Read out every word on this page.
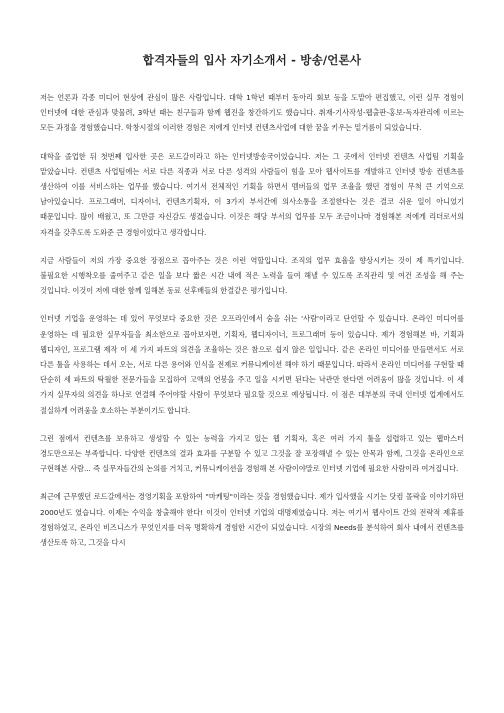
합격자들의 입사 자기소개서 - 방송/언론사

저는 언론과 각종 미디어 현상에 관심이 많은 사람입니다. 대학 1학년 때부터 동아리 회보 등을 도맡아 편집했고, 이런 실무 경험이 인터넷에 대한 관심과 맞물려, 3학년 때는 친구들과 함께 웹진을 창간하기도 했습니다. 취재-기사작성-웹출판-홍보-독자관리에 이르는 모든 과정을 경험했습니다. 학창시절의 이러한 경험은 저에게 인터넷 컨텐츠사업에 대한 꿈을 키우는 밑거름이 되었습니다.

대학을 졸업한 뒤 첫번째 입사한 곳은 로드갈이라고 하는 인터넷방송국이었습니다. 저는 그 곳에서 인터넷 컨텐츠 사업팀 기획을 맡았습니다. 컨텐츠 사업팀에는 서로 다른 직종과 서로 다른 성격의 사람들이 힘을 모아 웹사이트를 개발하고 인터넷 방송 컨텐츠를 생산하여 이를 서비스하는 업무를 했습니다. 여기서 전체적인 기획을 하면서 멤버들의 업무 조율을 했던 경험이 무척 큰 기억으로 남아있습니다. 프로그래머, 디자이너, 컨텐츠기획자, 이 3가지 부서간에 의사소통을 조절한다는 것은 결코 쉬운 일이 아니었기 때문입니다. 많이 배웠고, 또 그만큼 자신감도 생겼습니다. 이것은 해당 부서의 업무를 모두 조금이나마 경험해본 저에게 리더로서의 자격을 갖추도록 도와준 큰 경험이었다고 생각합니다.

지금 사람들이 저의 가장 중요한 장점으로 꼽아주는 것은 이런 역할입니다. 조직의 업무 효율을 향상시키는 것이 제 특기입니다. 불필요한 시행착오를 줄여주고 같은 일을 보다 짧은 시간 내에 적은 노력을 들여 해낼 수 있도록 조직관리 및 여건 조성을 해 주는 것입니다. 이것이 저에 대한 함께 일해본 동료 선후배들의 한결같은 평가입니다.

인터넷 기업을 운영하는 데 있어 무엇보다 중요한 것은 오프라인에서 숨을 쉬는 '사람'이라고 단언할 수 있습니다. 온라인 미디어를 운영하는 데 필요한 실무자들을 최소한으로 꼽아보자면, 기획자, 웹디자이너, 프로그래머 등이 있습니다. 제가 경험해본 바, 기획과 웹디자인, 프로그램 제작 이 세 가지 파트의 의견을 조율하는 것은 참으로 쉽지 않은 일입니다. 같은 온라인 미디어를 만들면서도 서로 다른 툴을 사용하는 데서 오는, 서로 다른 용어와 인식을 전제로 커뮤니케이션 해야 하기 때문입니다. 따라서 온라인 미디어를 구현할 때 단순히 세 파트의 탁월한 전문가들을 모집하여 고액의 연봉을 주고 일을 시키면 된다는 낙관만 한다면 어려움이 많을 것입니다. 이 세 가지 실무자의 의견을 하나로 연결해 주어야할 사람이 무엇보다 필요할 것으로 예상됩니다. 이 점은 대부분의 국내 인터넷 업계에서도 절실하게 어려움을 호소하는 부분이기도 합니다.

그런 점에서 컨텐츠를 보유하고 생성할 수 있는 능력을 가지고 있는 웹 기획자, 혹은 여러 가지 툴을 섭렵하고 있는 웹마스터 경도만으로는 부족합니다. 다양한 컨텐츠의 결과 효과를 구분할 수 있고 그것을 잘 포장해낼 수 있는 안목과 함께, 그것을 온라인으로 구현해본 사람... 즉 실무자들간의 논의를 거치고, 커뮤니케이션을 경험해 본 사람이야말로 인터넷 기업에 필요한 사람이라 여겨집니다.

최근에 근무했던 로드갈에서는 경영기획을 포함하여 "마케팅"이라는 것을 경험했습니다. 제가 입사했을 시기는 닷컴 몰락을 이야기하던 2000년도 였습니다. 이제는 수익을 창출해야 한다! 이것이 인터넷 기업의 대명제였습니다. 저는 여기서 웹사이트 간의 전략적 제휴를 경험하였고, 온라인 비즈니스가 무엇인지를 더욱 명확하게 경험한 시간이 되었습니다. 시장의 Needs를 분석하여 회사 내에서 컨텐츠를 생산토록 하고, 그것을 다시
